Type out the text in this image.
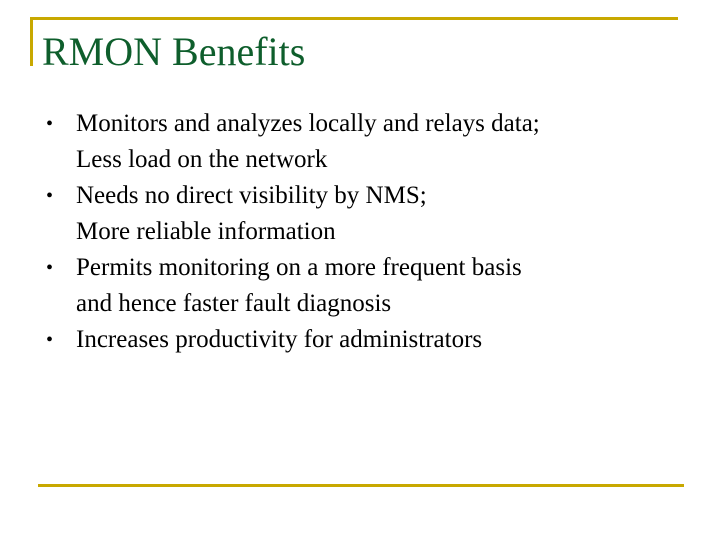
RMON Benefits
• Monitors and analyzes locally and relays data;
Less load on the network
• Needs no direct visibility by NMS;
More reliable information
• Permits monitoring on a more frequent basis
and hence faster fault diagnosis
• Increases productivity for administrators
